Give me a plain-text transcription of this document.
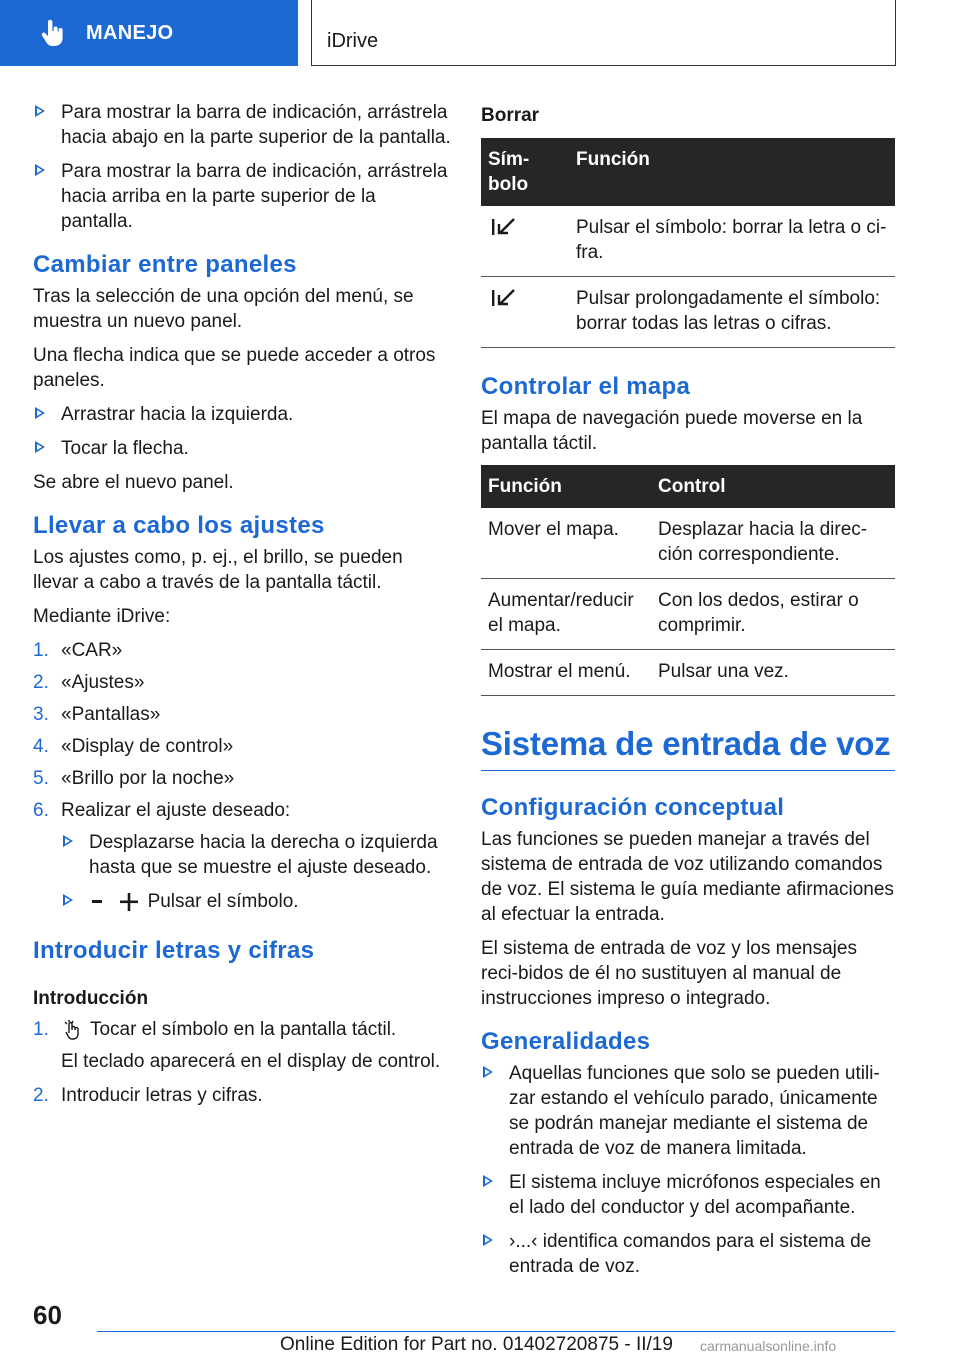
MANEJO	iDrive
Para mostrar la barra de indicación, arrástrela hacia abajo en la parte superior de la pantalla.
Para mostrar la barra de indicación, arrástrela hacia arriba en la parte superior de la pantalla.
Cambiar entre paneles
Tras la selección de una opción del menú, se muestra un nuevo panel.
Una flecha indica que se puede acceder a otros paneles.
Arrastrar hacia la izquierda.
Tocar la flecha.
Se abre el nuevo panel.
Llevar a cabo los ajustes
Los ajustes como, p. ej., el brillo, se pueden llevar a cabo a través de la pantalla táctil.
Mediante iDrive:
1. «CAR»
2. «Ajustes»
3. «Pantallas»
4. «Display de control»
5. «Brillo por la noche»
6. Realizar el ajuste deseado:
Desplazarse hacia la derecha o izquierda hasta que se muestre el ajuste deseado.
Pulsar el símbolo.
Introducir letras y cifras
Introducción
1. Tocar el símbolo en la pantalla táctil.
El teclado aparecerá en el display de control.
2. Introducir letras y cifras.
Borrar
Sím-
bolo	Función
	Pulsar el símbolo: borrar la letra o ci-fra.
	Pulsar prolongadamente el símbolo: borrar todas las letras o cifras.
Controlar el mapa
El mapa de navegación puede moverse en la pantalla táctil.
Función	Control
Mover el mapa.	Desplazar hacia la direc-ción correspondiente.
Aumentar/reducir el mapa.	Con los dedos, estirar o comprimir.
Mostrar el menú.	Pulsar una vez.
Sistema de entrada de voz
Configuración conceptual
Las funciones se pueden manejar a través del sistema de entrada de voz utilizando comandos de voz. El sistema le guía mediante afirmaciones al efectuar la entrada.
El sistema de entrada de voz y los mensajes reci-bidos de él no sustituyen al manual de instrucciones impreso o integrado.
Generalidades
Aquellas funciones que solo se pueden utili-zar estando el vehículo parado, únicamente se podrán manejar mediante el sistema de entrada de voz de manera limitada.
El sistema incluye micrófonos especiales en el lado del conductor y del acompañante.
›...‹ identifica comandos para el sistema de entrada de voz.
60
Online Edition for Part no. 01402720875 - II/19 carmanualsonline.info
